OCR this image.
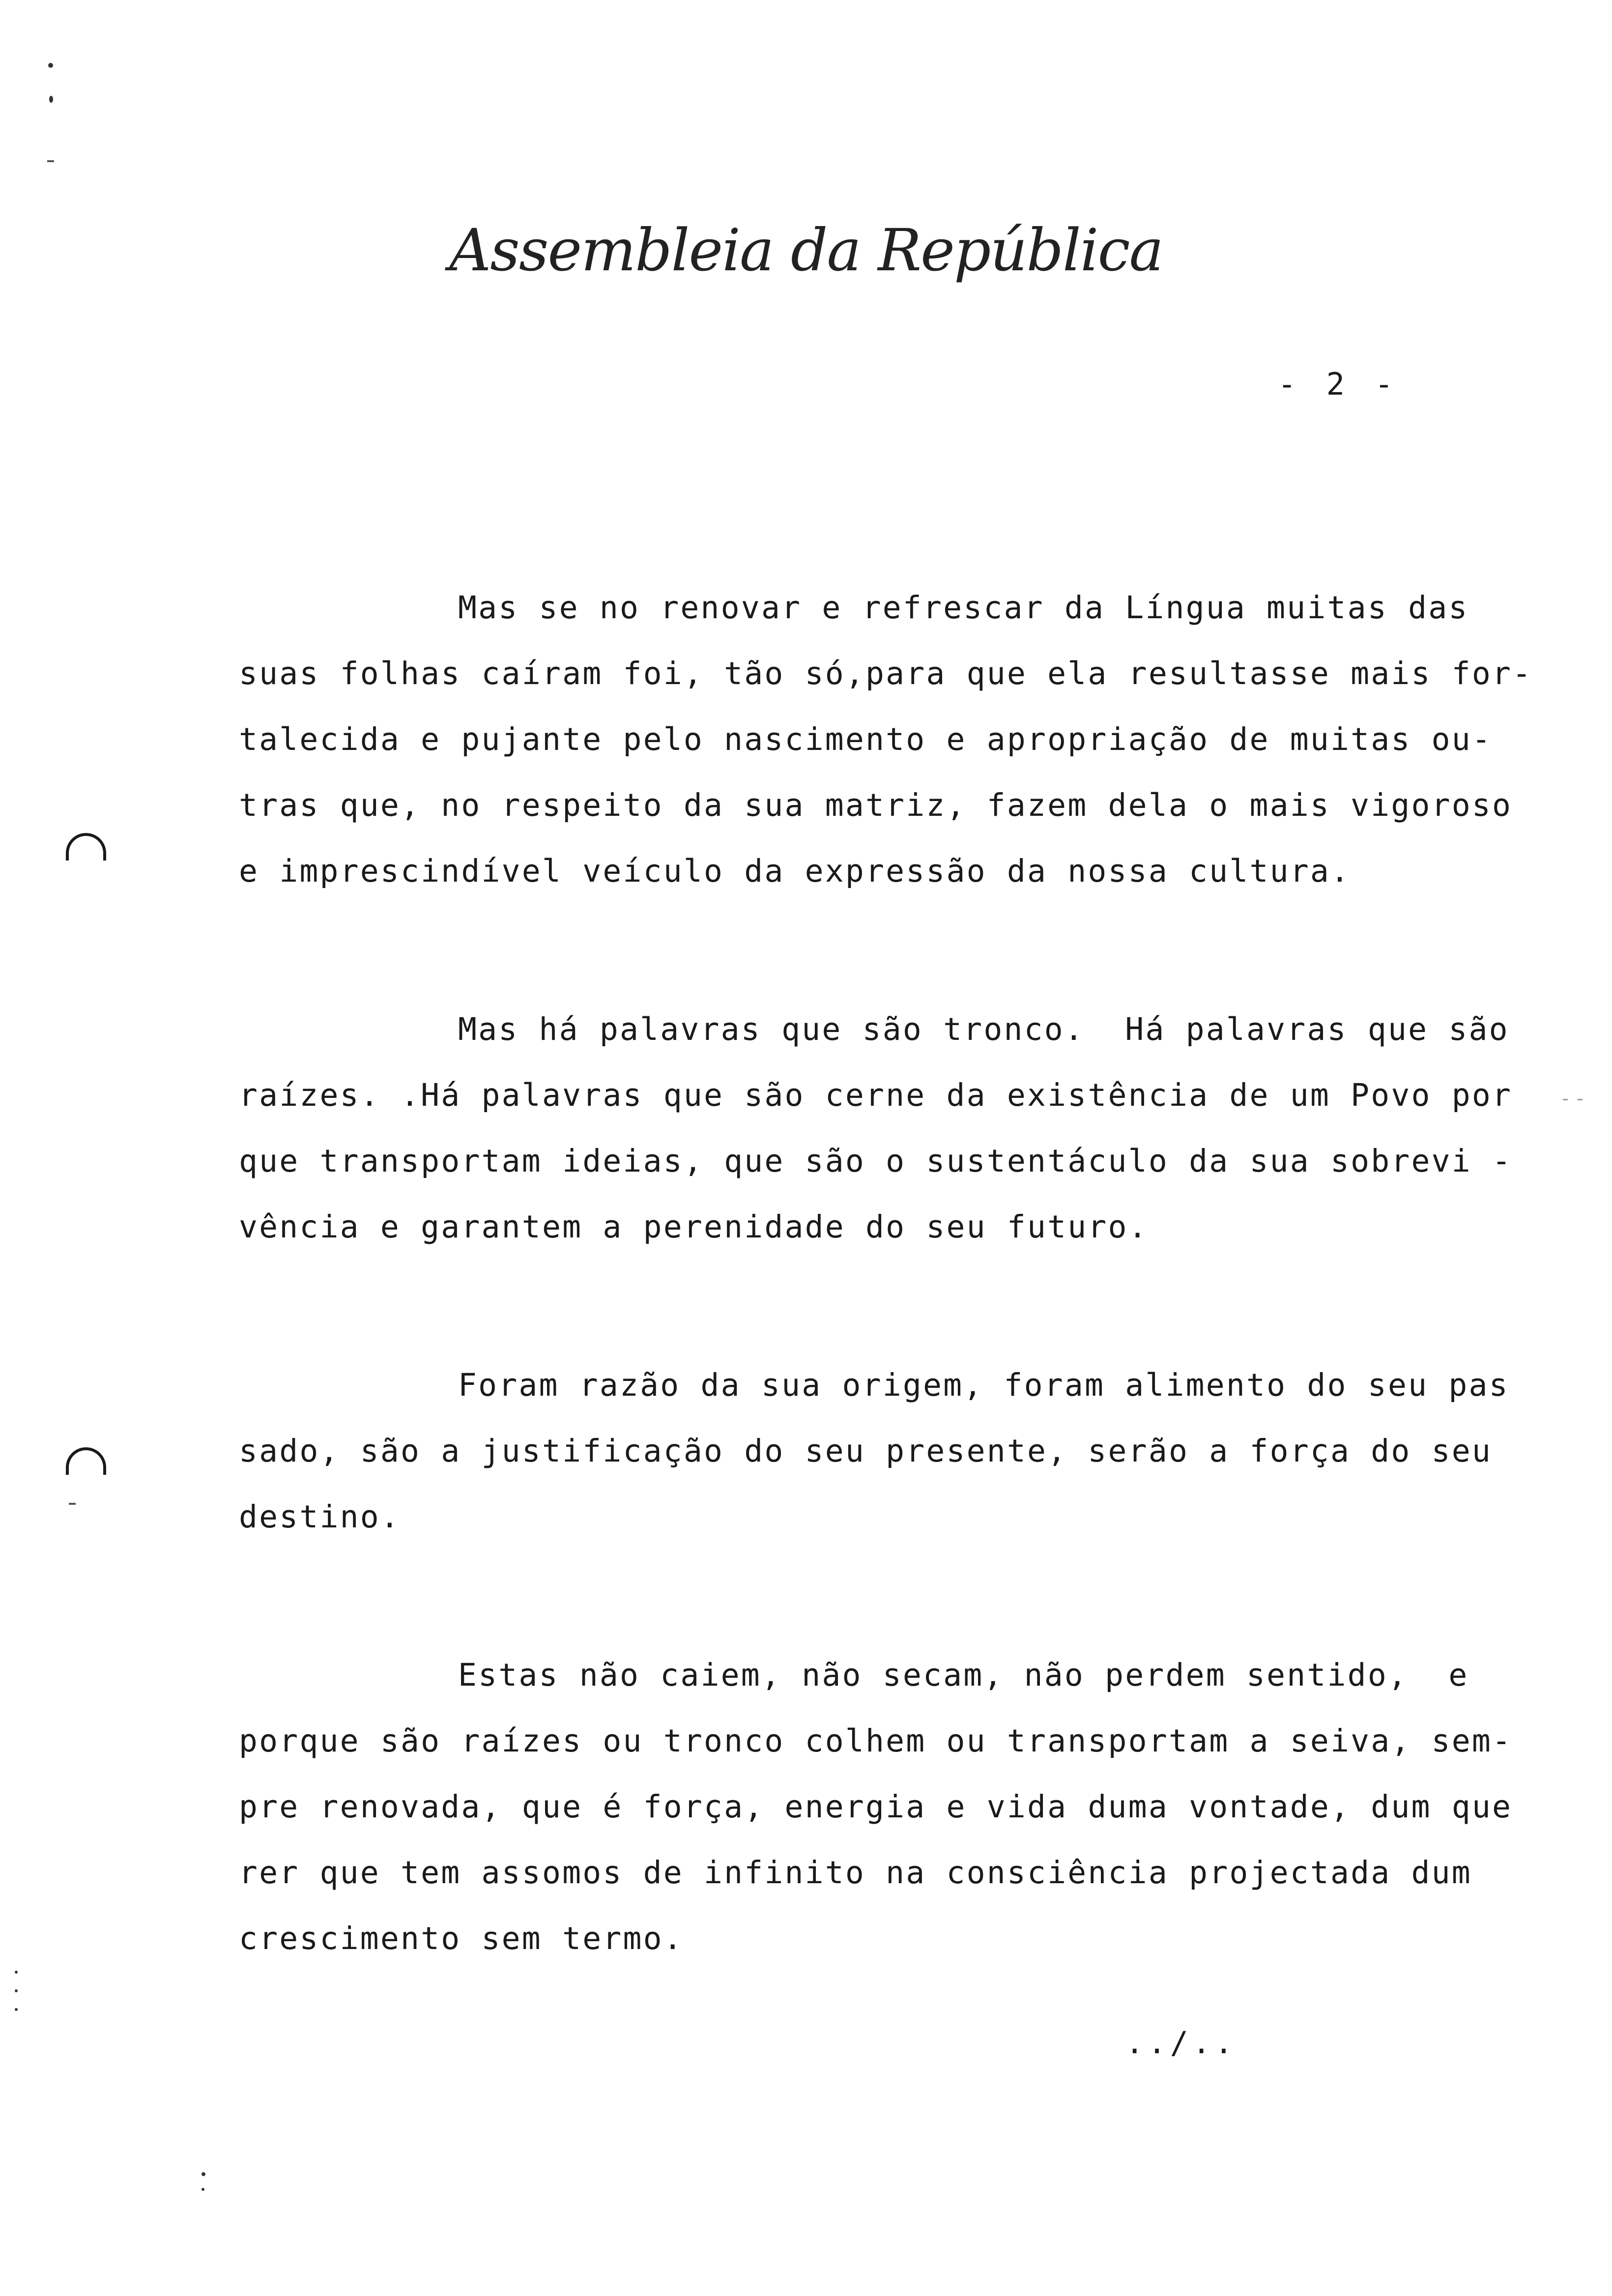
Assembleia da República
- 2 -
Mas se no renovar e refrescar da Língua muitas das
suas folhas caíram foi, tão só,para que ela resultasse mais for-
talecida e pujante pelo nascimento e apropriação de muitas ou-
tras que, no respeito da sua matriz, fazem dela o mais vigoroso
e imprescindível veículo da expressão da nossa cultura.
Mas há palavras que são tronco.  Há palavras que são
raízes. .Há palavras que são cerne da existência de um Povo por
que transportam ideias, que são o sustentáculo da sua sobrevi -
vência e garantem a perenidade do seu futuro.
Foram razão da sua origem, foram alimento do seu pas
sado, são a justificação do seu presente, serão a força do seu
destino.
Estas não caiem, não secam, não perdem sentido,  e
porque são raízes ou tronco colhem ou transportam a seiva, sem-
pre renovada, que é força, energia e vida duma vontade, dum que
rer que tem assomos de infinito na consciência projectada dum
crescimento sem termo.
../..
